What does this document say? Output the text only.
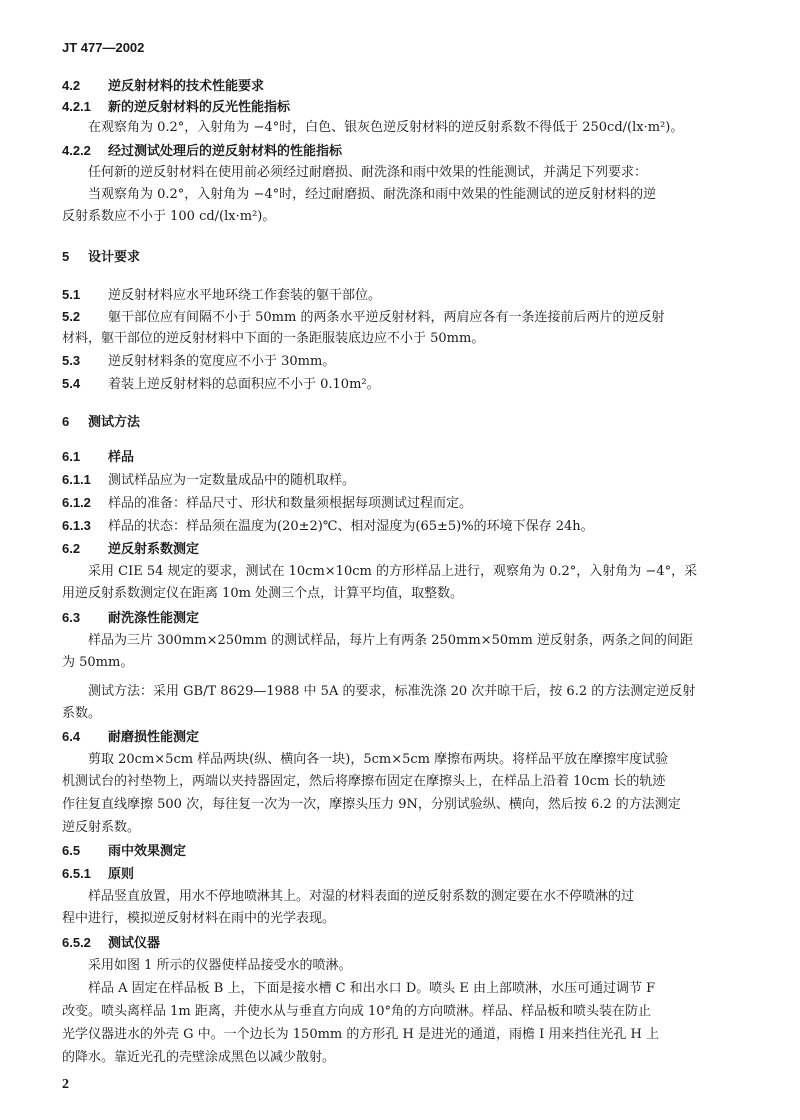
JT 477—2002
4.2 逆反射材料的技术性能要求
4.2.1 新的逆反射材料的反光性能指标
在观察角为 0.2°，入射角为 −4°时，白色、银灰色逆反射材料的逆反射系数不得低于 250cd/(lx·m²)。
4.2.2 经过测试处理后的逆反射材料的性能指标
任何新的逆反射材料在使用前必须经过耐磨损、耐洗涤和雨中效果的性能测试，并满足下列要求：
当观察角为 0.2°，入射角为 −4°时，经过耐磨损、耐洗涤和雨中效果的性能测试的逆反射材料的逆
反射系数应不小于 100 cd/(lx·m²)。
5 设计要求
5.1 逆反射材料应水平地环绕工作套装的躯干部位。
5.2 躯干部位应有间隔不小于 50mm 的两条水平逆反射材料，两肩应各有一条连接前后两片的逆反射
材料，躯干部位的逆反射材料中下面的一条距服装底边应不小于 50mm。
5.3 逆反射材料条的宽度应不小于 30mm。
5.4 着装上逆反射材料的总面积应不小于 0.10m²。
6 测试方法
6.1 样品
6.1.1 测试样品应为一定数量成品中的随机取样。
6.1.2 样品的准备：样品尺寸、形状和数量须根据每项测试过程而定。
6.1.3 样品的状态：样品须在温度为(20±2)℃、相对湿度为(65±5)%的环境下保存 24h。
6.2 逆反射系数测定
采用 CIE 54 规定的要求，测试在 10cm×10cm 的方形样品上进行，观察角为 0.2°，入射角为 −4°，采
用逆反射系数测定仪在距离 10m 处测三个点，计算平均值，取整数。
6.3 耐洗涤性能测定
样品为三片 300mm×250mm 的测试样品，每片上有两条 250mm×50mm 逆反射条，两条之间的间距
为 50mm。
测试方法：采用 GB/T 8629—1988 中 5A 的要求，标准洗涤 20 次并晾干后，按 6.2 的方法测定逆反射
系数。
6.4 耐磨损性能测定
剪取 20cm×5cm 样品两块(纵、横向各一块)，5cm×5cm 摩擦布两块。将样品平放在摩擦牢度试验
机测试台的衬垫物上，两端以夹持器固定，然后将摩擦布固定在摩擦头上，在样品上沿着 10cm 长的轨迹
作往复直线摩擦 500 次，每往复一次为一次，摩擦头压力 9N，分别试验纵、横向，然后按 6.2 的方法测定
逆反射系数。
6.5 雨中效果测定
6.5.1 原则
样品竖直放置，用水不停地喷淋其上。对湿的材料表面的逆反射系数的测定要在水不停喷淋的过
程中进行，模拟逆反射材料在雨中的光学表现。
6.5.2 测试仪器
采用如图 1 所示的仪器使样品接受水的喷淋。
样品 A 固定在样品板 B 上，下面是接水槽 C 和出水口 D。喷头 E 由上部喷淋，水压可通过调节 F
改变。喷头离样品 1m 距离，并使水从与垂直方向成 10°角的方向喷淋。样品、样品板和喷头装在防止
光学仪器进水的外壳 G 中。一个边长为 150mm 的方形孔 H 是进光的通道，雨檐 I 用来挡住光孔 H 上
的降水。靠近光孔的壳壁涂成黑色以减少散射。
2
